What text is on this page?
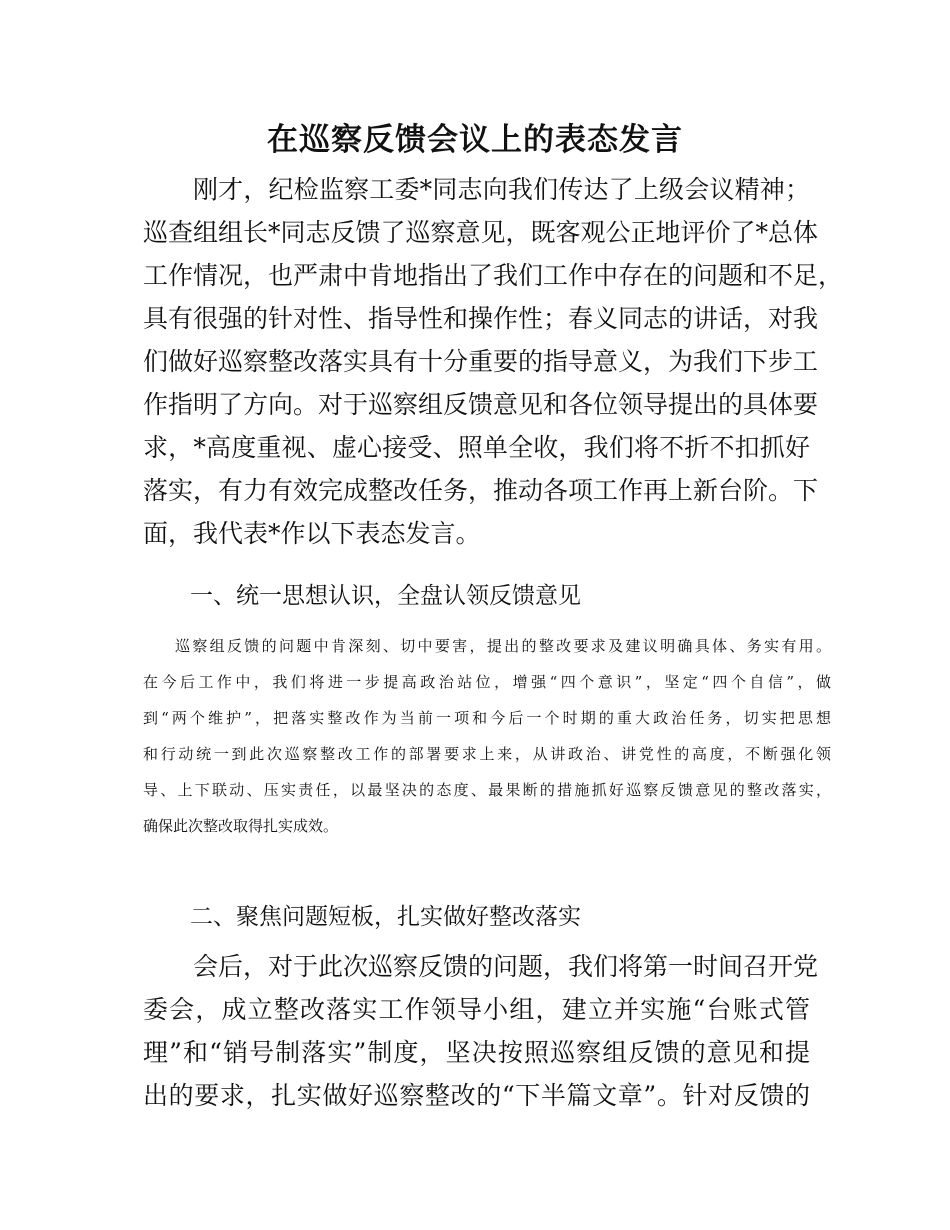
在巡察反馈会议上的表态发言
刚才，纪检监察工委*同志向我们传达了上级会议精神；
巡查组组长*同志反馈了巡察意见，既客观公正地评价了*总体
工作情况，也严肃中肯地指出了我们工作中存在的问题和不足，
具有很强的针对性、指导性和操作性；春义同志的讲话，对我
们做好巡察整改落实具有十分重要的指导意义，为我们下步工
作指明了方向。对于巡察组反馈意见和各位领导提出的具体要
求，*高度重视、虚心接受、照单全收，我们将不折不扣抓好
落实，有力有效完成整改任务，推动各项工作再上新台阶。下
面，我代表*作以下表态发言。
一、统一思想认识，全盘认领反馈意见
巡察组反馈的问题中肯深刻、切中要害，提出的整改要求及建议明确具体、务实有用。
在今后工作中，我们将进一步提高政治站位，增强“四个意识”，坚定“四个自信”，做
到“两个维护”，把落实整改作为当前一项和今后一个时期的重大政治任务，切实把思想
和行动统一到此次巡察整改工作的部署要求上来，从讲政治、讲党性的高度，不断强化领
导、上下联动、压实责任，以最坚决的态度、最果断的措施抓好巡察反馈意见的整改落实，
确保此次整改取得扎实成效。
二、聚焦问题短板，扎实做好整改落实
会后，对于此次巡察反馈的问题，我们将第一时间召开党
委会，成立整改落实工作领导小组，建立并实施“台账式管
理”和“销号制落实”制度，坚决按照巡察组反馈的意见和提
出的要求，扎实做好巡察整改的“下半篇文章”。针对反馈的
